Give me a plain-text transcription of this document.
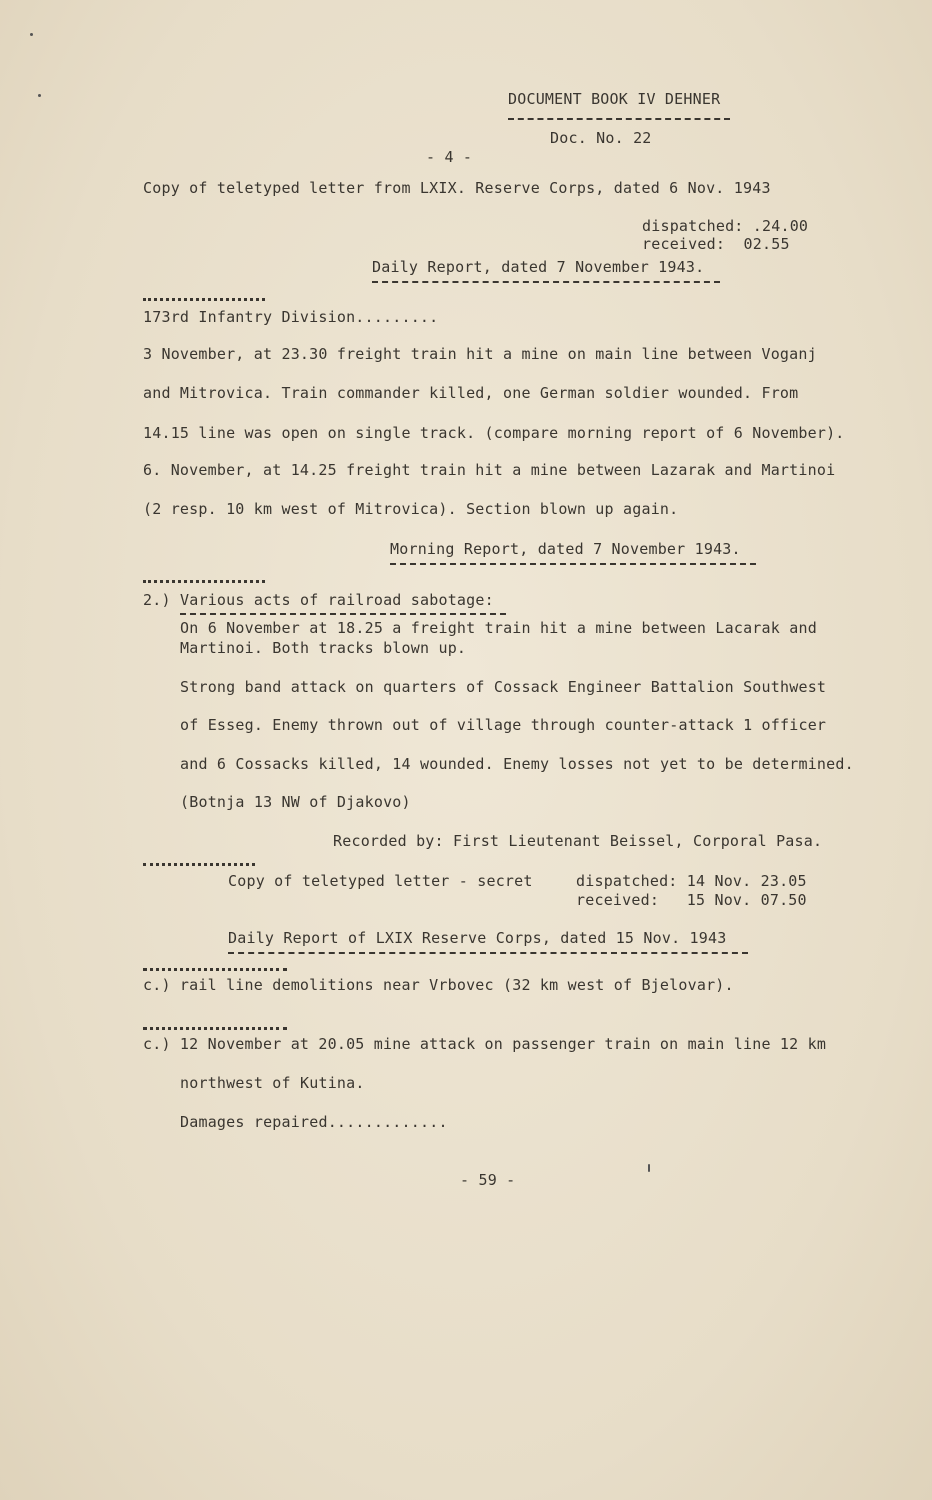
DOCUMENT BOOK IV DEHNER
Doc. No. 22
- 4 -
Copy of teletyped letter from LXIX. Reserve Corps, dated 6 Nov. 1943
dispatched: .24.00
received:  02.55
Daily Report, dated 7 November 1943.
173rd Infantry Division.........
3 November, at 23.30 freight train hit a mine on main line between Voganj
and Mitrovica. Train commander killed, one German soldier wounded. From
14.15 line was open on single track. (compare morning report of 6 November).
6. November, at 14.25 freight train hit a mine between Lazarak and Martinoi
(2 resp. 10 km west of Mitrovica). Section blown up again.
Morning Report, dated 7 November 1943.
2.) Various acts of railroad sabotage:
On 6 November at 18.25 a freight train hit a mine between Lacarak and
Martinoi. Both tracks blown up.
Strong band attack on quarters of Cossack Engineer Battalion Southwest
of Esseg. Enemy thrown out of village through counter-attack 1 officer
and 6 Cossacks killed, 14 wounded. Enemy losses not yet to be determined.
(Botnja 13 NW of Djakovo)
Recorded by: First Lieutenant Beissel, Corporal Pasa.
Copy of teletyped letter - secret	dispatched: 14 Nov. 23.05
received:   15 Nov. 07.50
Daily Report of LXIX Reserve Corps, dated 15 Nov. 1943
c.) rail line demolitions near Vrbovec (32 km west of Bjelovar).
c.) 12 November at 20.05 mine attack on passenger train on main line 12 km
northwest of Kutina.
Damages repaired.............
- 59 -
